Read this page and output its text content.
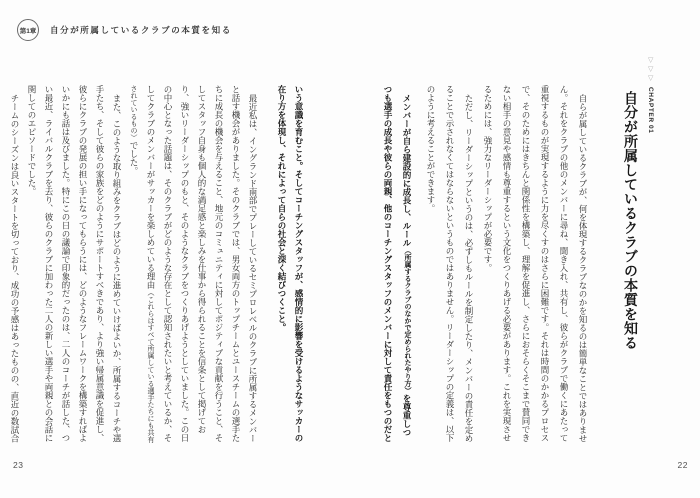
第1章	自分が所属しているクラブの本質を知る
▽
▽
▽
CHAPTER 01
自分が所属しているクラブの本質を知る

自らが属しているクラブが、何を体現するクラブなのかを知るのは簡単なことではありません。それをクラブの他のメンバーに尋ね、聞き入れ、共有し、彼らがクラブで働くにあたって重視するものが実現するように力を尽くすのはさらに困難です。それは時間のかかるプロセスで、そのためにはきちんと関係性を構築し、理解を促進し、さらにおそらくそこまで賛同できない相手の意見や感情も尊重するという文化をつくりあげる必要があります。これを実現させるためには、強力なリーダーシップが必要です。

ただし、リーダーシップというのは、必ずしもルールを制定したり、メンバーの責任を定めることで示されなくてはならないというものではありません。リーダーシップの定義は、以下のように考えることができます。

メンバーが自ら建設的に成長し、ルール（所属するクラブのなかで定められたやり方）を尊重しつつも選手の成長や彼らの両親、他のコーチングスタッフのメンバーに対して責任をもつのだと

いう意識を育むこと。そしてコーチングスタッフが、感情的に影響を受けるようなサッカーの在り方を体現し、それによって自らの社会と深く結びつくこと。

最近私は、イングランド南部でプレーしているセミプロレベルのクラブに所属するメンバーと話す機会がありました。そのクラブでは、男女両方のトップチームとユースチームの選手たちに成長の機会を与えること、地元のコミュニティに対してポジティブな貢献を行うこと、そしてスタッフ自身も個人的な満足感と楽しみを仕事から得られることを信条として掲げており、強いリーダーシップのもと、そのようなクラブをつくりあげようとしていました。この日の中心となった話題は、そのクラブがどのような存在として認知されたいと考えているか、そしてクラブのメンバーがサッカーを楽しめている理由（これらはすべて所属している選手たちにも共有されているもの）でした。

また、このような取り組みをクラブはどのように進めていけばよいか、所属するコーチや選手たち、そして彼らの家族をどのようにサポートすべきであり、より強い帰属意識を促進し、彼らにクラブの発展の担い手になってもらうには、どのようなフレームワークを構築すればよいかにも話は及びました。特にこの日の議論で印象的だったのは、二人のコーチが話した、つい最近、ライバルクラブを去り、彼らのクラブに加わった二人の新しい選手や両親との会話に関してのエピソードでした。

チームのシーズンは良いスタートを切っており、成功の予感はあったものの、直近の数試合

23	22
